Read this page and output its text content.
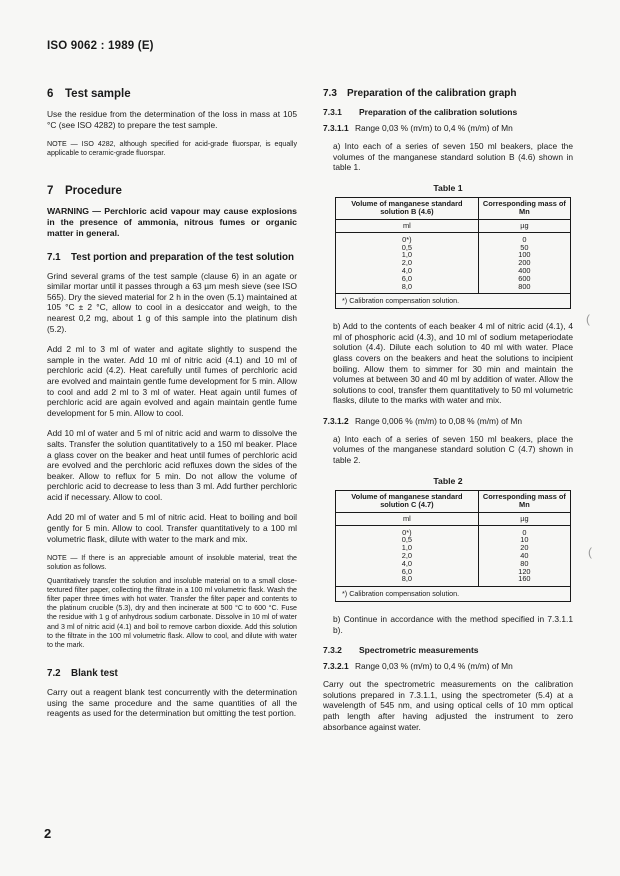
ISO 9062 : 1989 (E)
6 Test sample

Use the residue from the determination of the loss in mass at 105 °C (see ISO 4282) to prepare the test sample.

NOTE — ISO 4282, although specified for acid-grade fluorspar, is equally applicable to ceramic-grade fluorspar.

7 Procedure

WARNING — Perchloric acid vapour may cause explosions in the presence of ammonia, nitrous fumes or organic matter in general.

7.1 Test portion and preparation of the test solution

Grind several grams of the test sample (clause 6) in an agate or similar mortar until it passes through a 63 µm mesh sieve (see ISO 565). Dry the sieved material for 2 h in the oven (5.1) maintained at 105 °C ± 2 °C, allow to cool in a desiccator and weigh, to the nearest 0,2 mg, about 1 g of this sample into the platinum dish (5.2).

Add 2 ml to 3 ml of water and agitate slightly to suspend the sample in the water. Add 10 ml of nitric acid (4.1) and 10 ml of perchloric acid (4.2). Heat carefully until fumes of perchloric acid are evolved and maintain gentle fume development for 5 min. Allow to cool and add 2 ml to 3 ml of water. Heat again until fumes of perchloric acid are again evolved and again maintain gentle fume development for 5 min. Allow to cool.

Add 10 ml of water and 5 ml of nitric acid and warm to dissolve the salts. Transfer the solution quantitatively to a 150 ml beaker. Place a glass cover on the beaker and heat until fumes of perchloric acid are evolved and the perchloric acid refluxes down the sides of the beaker. Allow to reflux for 5 min. Do not allow the volume of perchloric acid to decrease to less than 3 ml. Add further perchloric acid if necessary. Allow to cool.

Add 20 ml of water and 5 ml of nitric acid. Heat to boiling and boil gently for 5 min. Allow to cool. Transfer quantitatively to a 100 ml volumetric flask, dilute with water to the mark and mix.

NOTE — If there is an appreciable amount of insoluble material, treat the solution as follows.

Quantitatively transfer the solution and insoluble material on to a small close-textured filter paper, collecting the filtrate in a 100 ml volumetric flask. Wash the filter paper three times with hot water. Transfer the filter paper and contents to the platinum crucible (5.3), dry and then incinerate at 500 °C to 600 °C. Fuse the residue with 1 g of anhydrous sodium carbonate. Dissolve in 10 ml of water and 3 ml of nitric acid (4.1) and boil to remove carbon dioxide. Add this solution to the filtrate in the 100 ml volumetric flask. Allow to cool, and dilute with water to the mark.

7.2 Blank test

Carry out a reagent blank test concurrently with the determination using the same procedure and the same quantities of all the reagents as used for the determination but omitting the test portion.

7.3 Preparation of the calibration graph
7.3.1 Preparation of the calibration solutions
7.3.1.1 Range 0,03 % (m/m) to 0,4 % (m/m) of Mn

a) Into each of a series of seven 150 ml beakers, place the volumes of the manganese standard solution B (4.6) shown in table 1.

Table 1
Volume of manganese standard solution B (4.6)	Corresponding mass of Mn
ml	µg
0*)	0
0,5	50
1,0	100
2,0	200
4,0	400
6,0	600
8,0	800
*) Calibration compensation solution.	

b) Add to the contents of each beaker 4 ml of nitric acid (4.1), 4 ml of phosphoric acid (4.3), and 10 ml of sodium metaperiodate solution (4.4). Dilute each solution to 40 ml with water. Place glass covers on the beakers and heat the solutions to incipient boiling. Allow them to simmer for 30 min and maintain the volumes at between 30 and 40 ml by addition of water. Allow the solutions to cool, transfer them quantitatively to 50 ml volumetric flasks, dilute to the marks with water and mix.

7.3.1.2 Range 0,006 % (m/m) to 0,08 % (m/m) of Mn

a) Into each of a series of seven 150 ml beakers, place the volumes of the manganese standard solution C (4.7) shown in table 2.

Table 2
Volume of manganese standard solution C (4.7)	Corresponding mass of Mn
ml	µg
0*)	0
0,5	10
1,0	20
2,0	40
4,0	80
6,0	120
8,0	160
*) Calibration compensation solution.	

b) Continue in accordance with the method specified in 7.3.1.1 b).

7.3.2 Spectrometric measurements
7.3.2.1 Range 0,03 % (m/m) to 0,4 % (m/m) of Mn

Carry out the spectrometric measurements on the calibration solutions prepared in 7.3.1.1, using the spectrometer (5.4) at a wavelength of 545 nm, and using optical cells of 10 mm optical path length after having adjusted the instrument to zero absorbance against water.

2
(
(
